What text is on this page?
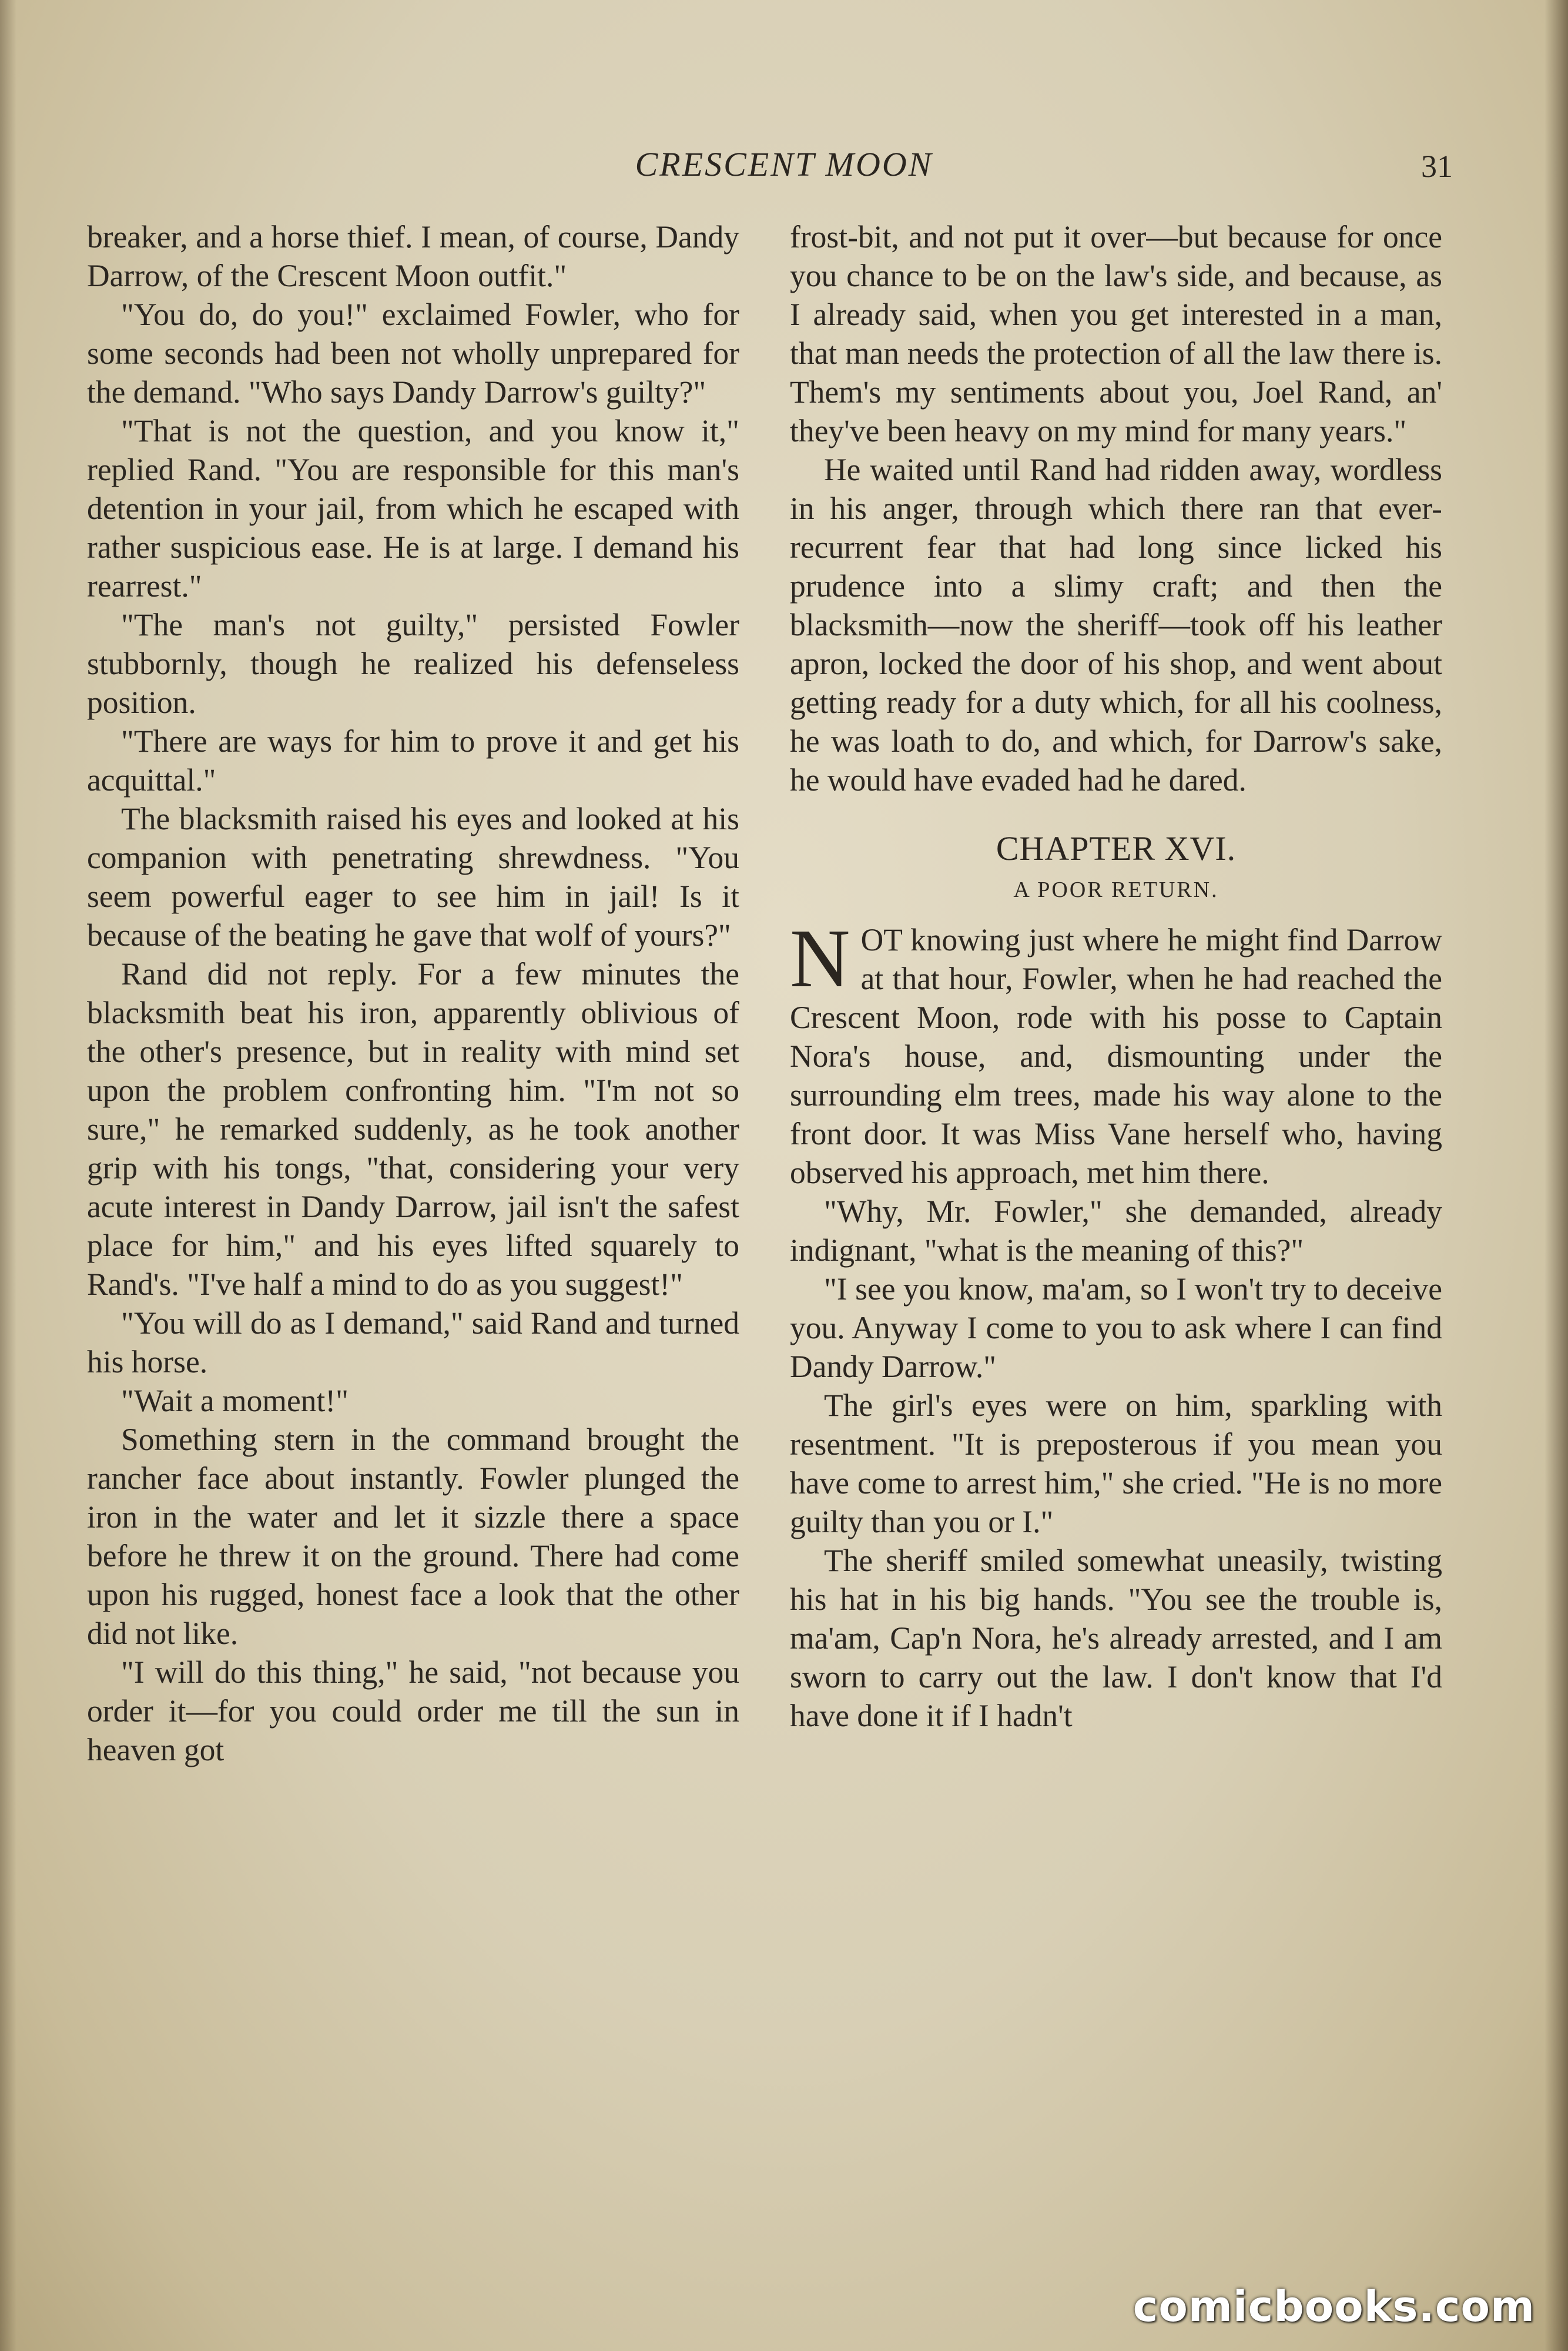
CRESCENT MOON	31

breaker, and a horse thief. I mean, of course, Dandy Darrow, of the Crescent Moon outfit."

"You do, do you!" exclaimed Fowler, who for some seconds had been not wholly unprepared for the demand. "Who says Dandy Darrow's guilty?"

"That is not the question, and you know it," replied Rand. "You are responsible for this man's detention in your jail, from which he escaped with rather suspicious ease. He is at large. I demand his rearrest."

"The man's not guilty," persisted Fowler stubbornly, though he realized his defenseless position.

"There are ways for him to prove it and get his acquittal."

The blacksmith raised his eyes and looked at his companion with penetrating shrewdness. "You seem powerful eager to see him in jail! Is it because of the beating he gave that wolf of yours?"

Rand did not reply. For a few minutes the blacksmith beat his iron, apparently oblivious of the other's presence, but in reality with mind set upon the problem confronting him. "I'm not so sure," he remarked suddenly, as he took another grip with his tongs, "that, considering your very acute interest in Dandy Darrow, jail isn't the safest place for him," and his eyes lifted squarely to Rand's. "I've half a mind to do as you suggest!"

"You will do as I demand," said Rand and turned his horse.

"Wait a moment!"

Something stern in the command brought the rancher face about instantly. Fowler plunged the iron in the water and let it sizzle there a space before he threw it on the ground. There had come upon his rugged, honest face a look that the other did not like.

"I will do this thing," he said, "not because you order it—for you could order me till the sun in heaven got

frost-bit, and not put it over—but because for once you chance to be on the law's side, and because, as I already said, when you get interested in a man, that man needs the protection of all the law there is. Them's my sentiments about you, Joel Rand, an' they've been heavy on my mind for many years."

He waited until Rand had ridden away, wordless in his anger, through which there ran that ever-recurrent fear that had long since licked his prudence into a slimy craft; and then the blacksmith—now the sheriff—took off his leather apron, locked the door of his shop, and went about getting ready for a duty which, for all his coolness, he was loath to do, and which, for Darrow's sake, he would have evaded had he dared.

CHAPTER XVI.
A POOR RETURN.

NOT knowing just where he might find Darrow at that hour, Fowler, when he had reached the Crescent Moon, rode with his posse to Captain Nora's house, and, dismounting under the surrounding elm trees, made his way alone to the front door. It was Miss Vane herself who, having observed his approach, met him there.

"Why, Mr. Fowler," she demanded, already indignant, "what is the meaning of this?"

"I see you know, ma'am, so I won't try to deceive you. Anyway I come to you to ask where I can find Dandy Darrow."

The girl's eyes were on him, sparkling with resentment. "It is preposterous if you mean you have come to arrest him," she cried. "He is no more guilty than you or I."

The sheriff smiled somewhat uneasily, twisting his hat in his big hands. "You see the trouble is, ma'am, Cap'n Nora, he's already arrested, and I am sworn to carry out the law. I don't know that I'd have done it if I hadn't

comicbooks.com
